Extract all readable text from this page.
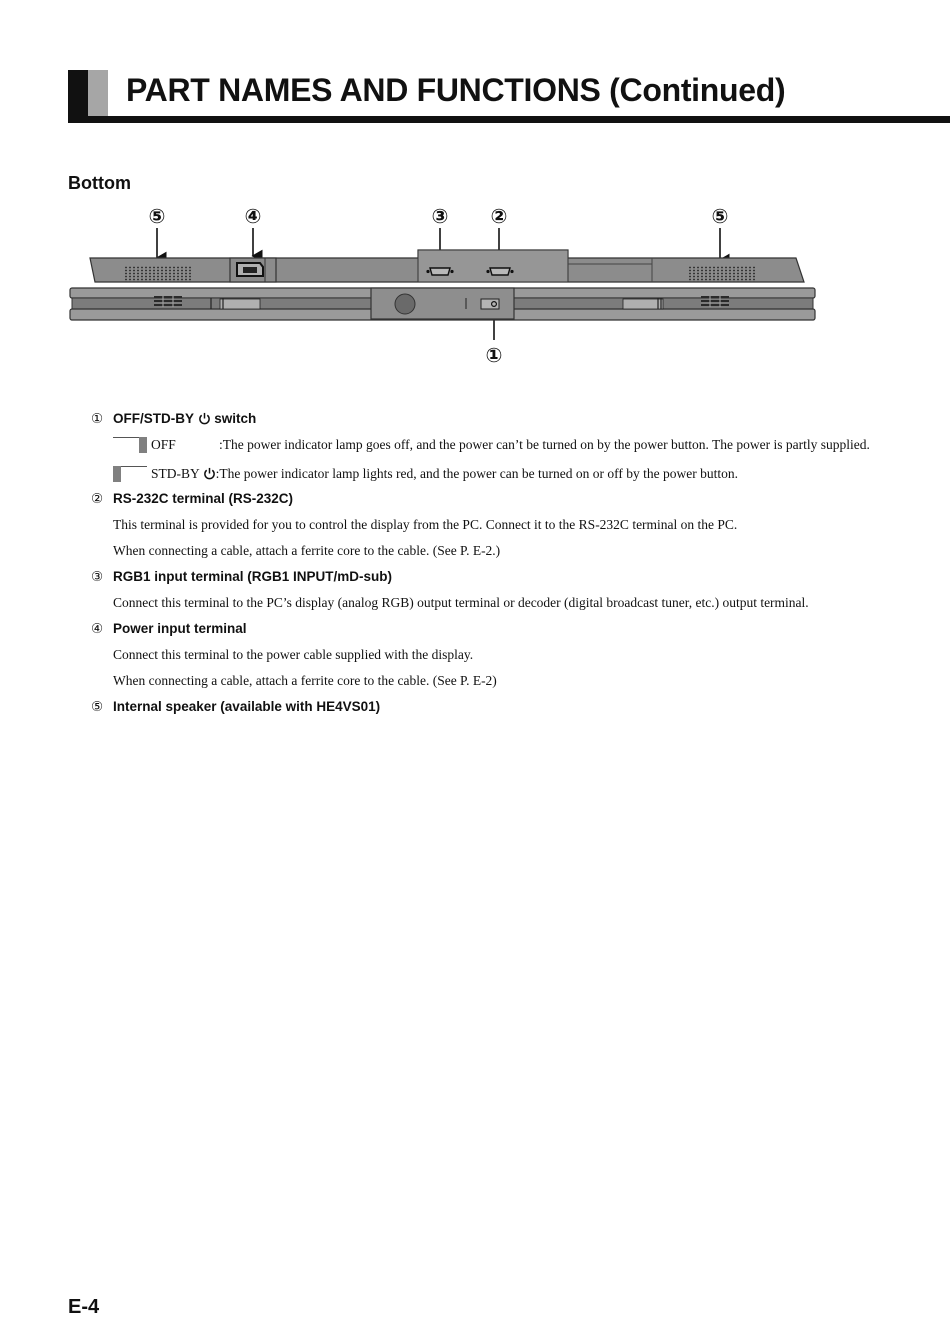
PART NAMES AND FUNCTIONS (Continued)
Bottom
⑤	④	③ ②	⑤
①
① OFF/STD-BY switch
OFF	:The power indicator lamp goes off, and the power can’t be turned on by the power button. The power is partly supplied.
STD-BY :The power indicator lamp lights red, and the power can be turned on or off by the power button.
② RS-232C terminal (RS-232C)
This terminal is provided for you to control the display from the PC. Connect it to the RS-232C terminal on the PC.
When connecting a cable, attach a ferrite core to the cable. (See P. E-2.)
③ RGB1 input terminal (RGB1 INPUT/mD-sub)
Connect this terminal to the PC’s display (analog RGB) output terminal or decoder (digital broadcast tuner, etc.) output terminal.
④ Power input terminal
Connect this terminal to the power cable supplied with the display.
When connecting a cable, attach a ferrite core to the cable. (See P. E-2)
⑤ Internal speaker (available with HE4VS01)
E-4
